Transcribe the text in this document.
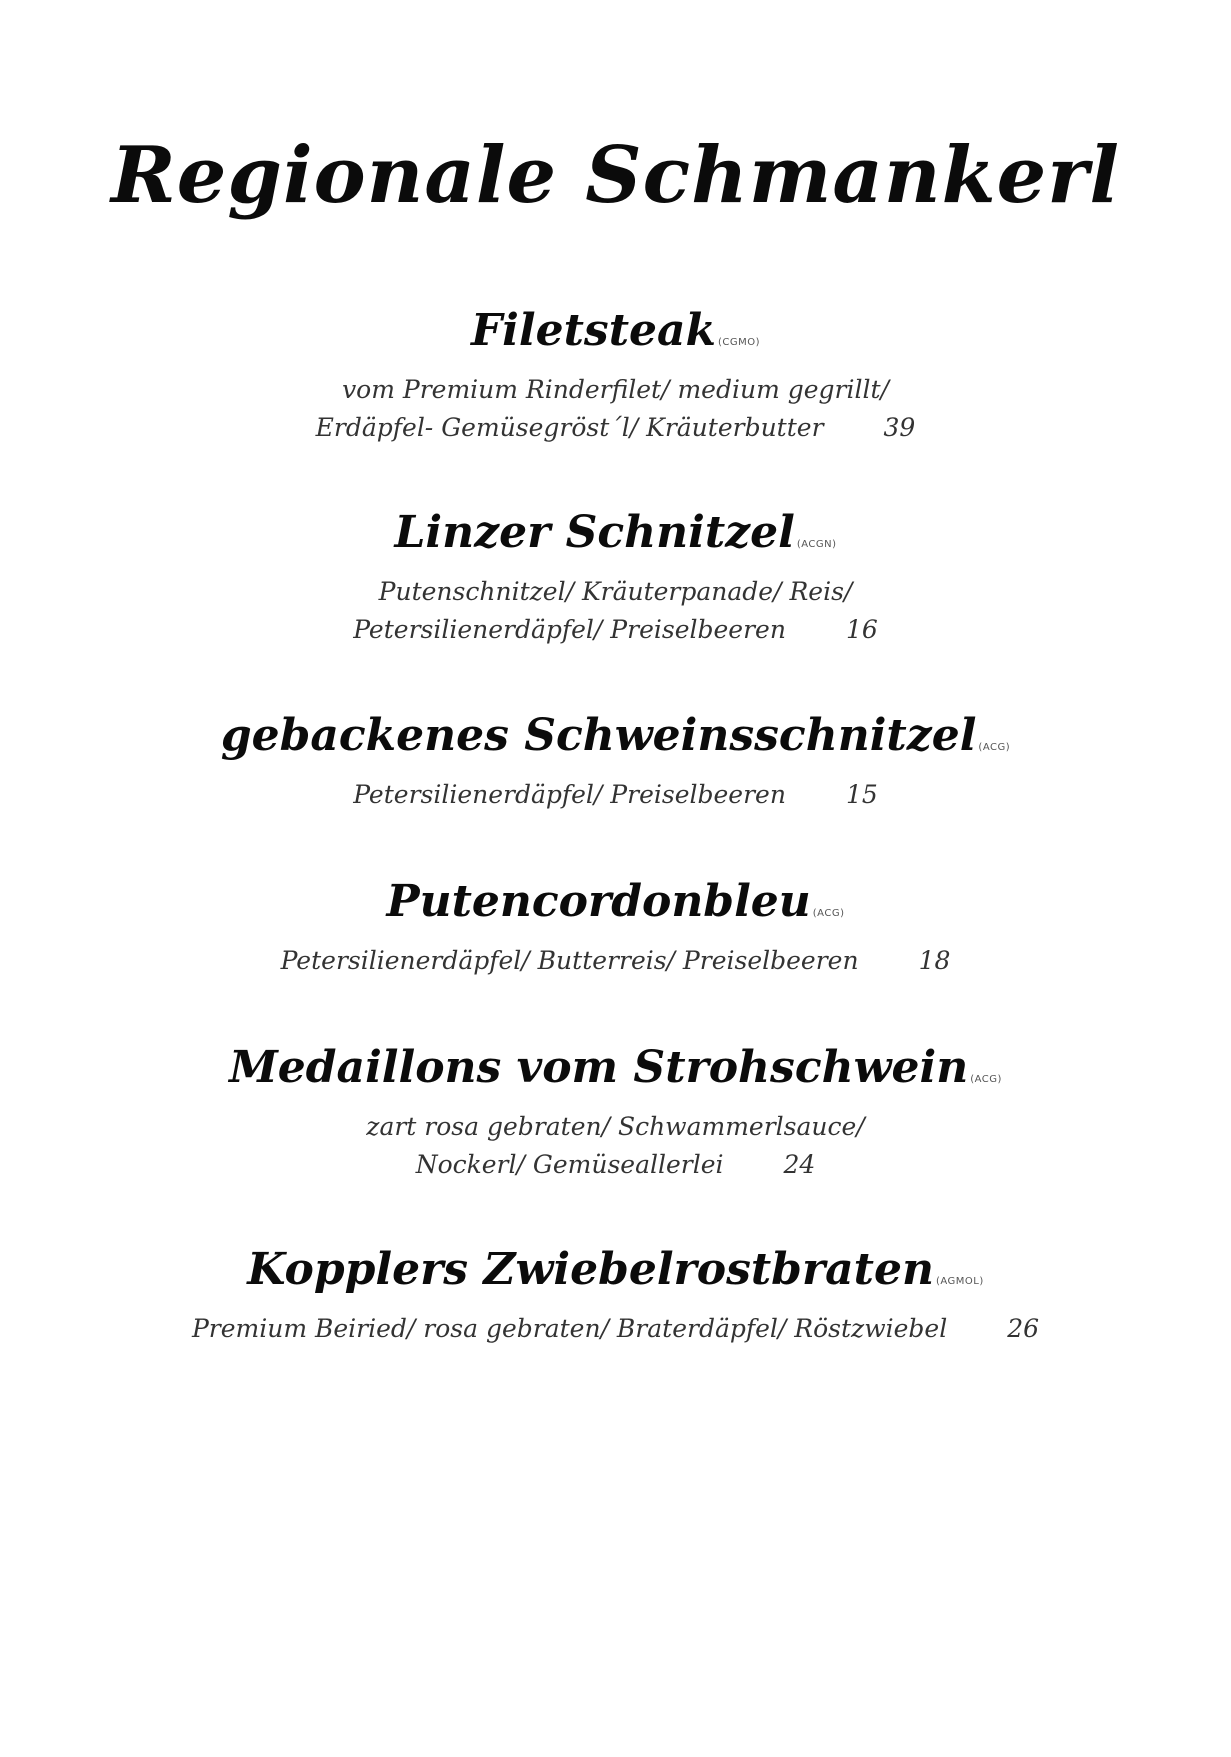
Regionale Schmankerl
Filetsteak (CGMO)
vom Premium Rinderfilet/ medium gegrillt/
Erdäpfel- Gemüsegröst´l/ Kräuterbutter 39
Linzer Schnitzel (ACGN)
Putenschnitzel/ Kräuterpanade/ Reis/
Petersilienerdäpfel/ Preiselbeeren 16
gebackenes Schweinsschnitzel (ACG)
Petersilienerdäpfel/ Preiselbeeren 15
Putencordonbleu (ACG)
Petersilienerdäpfel/ Butterreis/ Preiselbeeren 18
Medaillons vom Strohschwein (ACG)
zart rosa gebraten/ Schwammerlsauce/
Nockerl/ Gemüseallerlei 24
Kopplers Zwiebelrostbraten (AGMOL)
Premium Beiried/ rosa gebraten/ Braterdäpfel/ Röstzwiebel 26
